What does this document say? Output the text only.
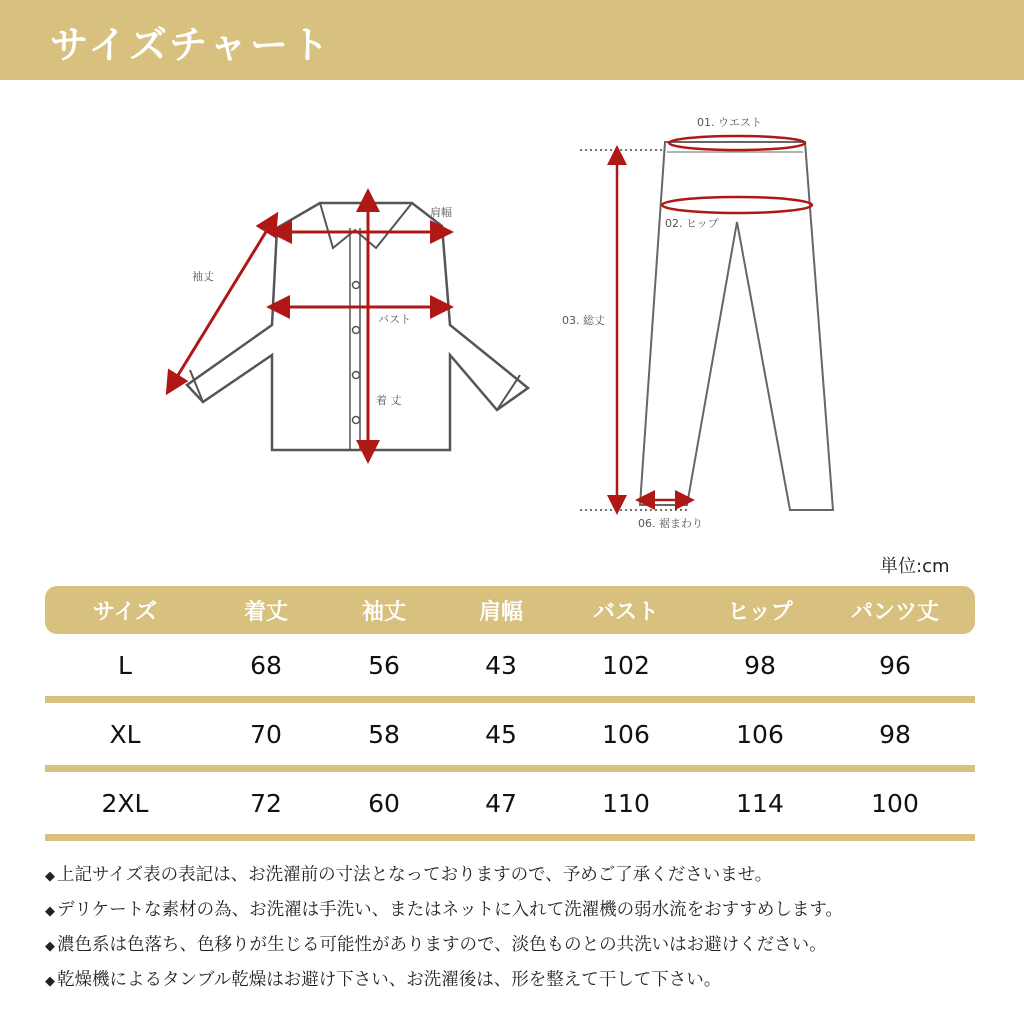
サイズチャート
袖丈
肩幅
バスト
着 丈
01. ウエスト
02. ヒップ
03. 総丈
06. 裾まわり
単位:cm
サイズ	着丈	袖丈	肩幅	バスト	ヒップ	パンツ丈
L	68	56	43	102	98	96
XL	70	58	45	106	106	98
2XL	72	60	47	110	114	100
◆ 上記サイズ表の表記は、お洗濯前の寸法となっておりますので、予めご了承くださいませ。
◆ デリケートな素材の為、お洗濯は手洗い、またはネットに入れて洗濯機の弱水流をおすすめします。
◆ 濃色系は色落ち、色移りが生じる可能性がありますので、淡色ものとの共洗いはお避けください。
◆ 乾燥機によるタンブル乾燥はお避け下さい、お洗濯後は、形を整えて干して下さい。
